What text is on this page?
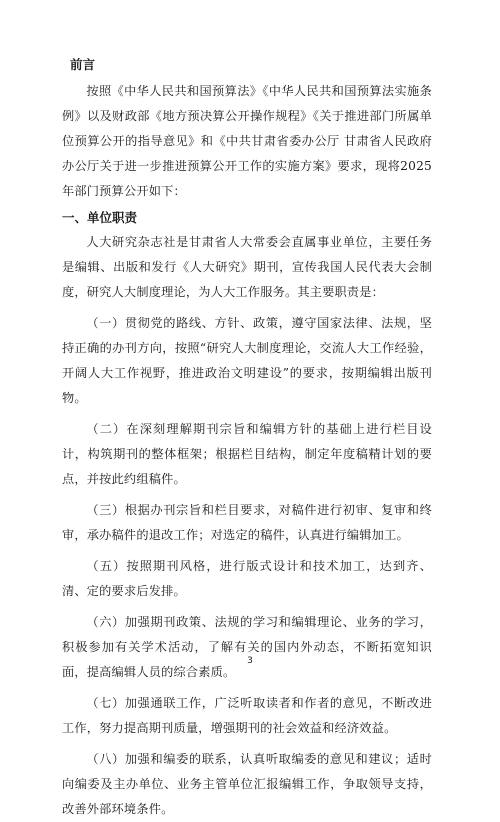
前言

按照《中华人民共和国预算法》《中华人民共和国预算法实施条例》以及财政部《地方预决算公开操作规程》《关于推进部门所属单位预算公开的指导意见》和《中共甘肃省委办公厅 甘肃省人民政府办公厅关于进一步推进预算公开工作的实施方案》要求，现将2025年部门预算公开如下：

一、单位职责

人大研究杂志社是甘肃省人大常委会直属事业单位，主要任务是编辑、出版和发行《人大研究》期刊，宣传我国人民代表大会制度，研究人大制度理论，为人大工作服务。其主要职责是：

（一）贯彻党的路线、方针、政策，遵守国家法律、法规，坚持正确的办刊方向，按照“研究人大制度理论，交流人大工作经验，开阔人大工作视野，推进政治文明建设”的要求，按期编辑出版刊物。

（二）在深刻理解期刊宗旨和编辑方针的基础上进行栏目设计，构筑期刊的整体框架；根据栏目结构，制定年度稿精计划的要点，并按此约组稿件。

（三）根据办刊宗旨和栏目要求，对稿件进行初审、复审和终审，承办稿件的退改工作；对选定的稿件，认真进行编辑加工。

（五）按照期刊风格，进行版式设计和技术加工，达到齐、清、定的要求后发排。

（六）加强期刊政策、法规的学习和编辑理论、业务的学习，积极参加有关学术活动，了解有关的国内外动态，不断拓宽知识面，提高编辑人员的综合素质。

（七）加强通联工作，广泛听取读者和作者的意见，不断改进工作，努力提高期刊质量，增强期刊的社会效益和经济效益。

（八）加强和编委的联系，认真听取编委的意见和建议；适时向编委及主办单位、业务主管单位汇报编辑工作，争取领导支持，改善外部环境条件。

3
